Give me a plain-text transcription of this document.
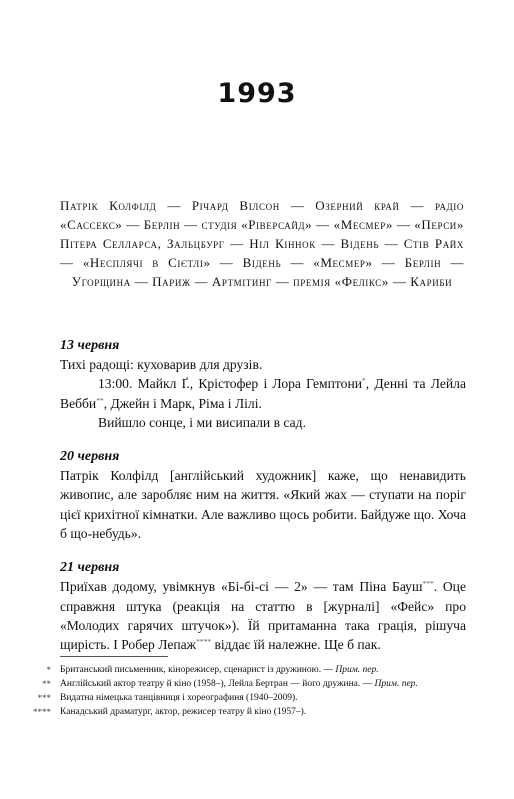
1993
Патрік Колфілд — Річард Вілсон — Озерний край — радіо «Сассекс» — Берлін — студія «Ріверсайд» — «Месмер» — «Перси» Пітера Селларса, Зальцбург — Ніл Кіннок — Відень — Стів Райх — «Несплячі в Сієтлі» — Відень — «Месмер» — Берлін — Угорщина — Париж — Артмітинг — премія «Фелікс» — Кариби

13 червня

Тихі радощі: куховарив для друзів.

13:00. Майкл Ґ., Крістофер і Лора Гемптони*, Денні та Лейла Вебби**, Джейн і Марк, Ріма і Лілі.

Вийшло сонце, і ми висипали в сад.

20 червня

Патрік Колфілд [англійський художник] каже, що ненавидить живопис, але заробляє ним на життя. «Який жах — ступати на поріг цієї крихітної кімнатки. Але важливо щось робити. Байдуже що. Хоча б що-небудь».

21 червня

Приїхав додому, увімкнув «Бі-бі-сі — 2» — там Піна Бауш***. Оце справжня штука (реакція на статтю в [журналі] «Фейс» про «Молодих гарячих штучок»). Їй притаманна така грація, рішуча щирість. І Робер Лепаж**** віддає їй належне. Ще б пак.

* Британський письменник, кінорежисер, сценарист із дружиною. — Прим. пер.
** Англійський актор театру й кіно (1958–), Лейла Бертран — його дружина. — Прим. пер.
*** Видатна німецька танцівниця і хореографиня (1940–2009).
**** Канадський драматург, актор, режисер театру й кіно (1957–).
